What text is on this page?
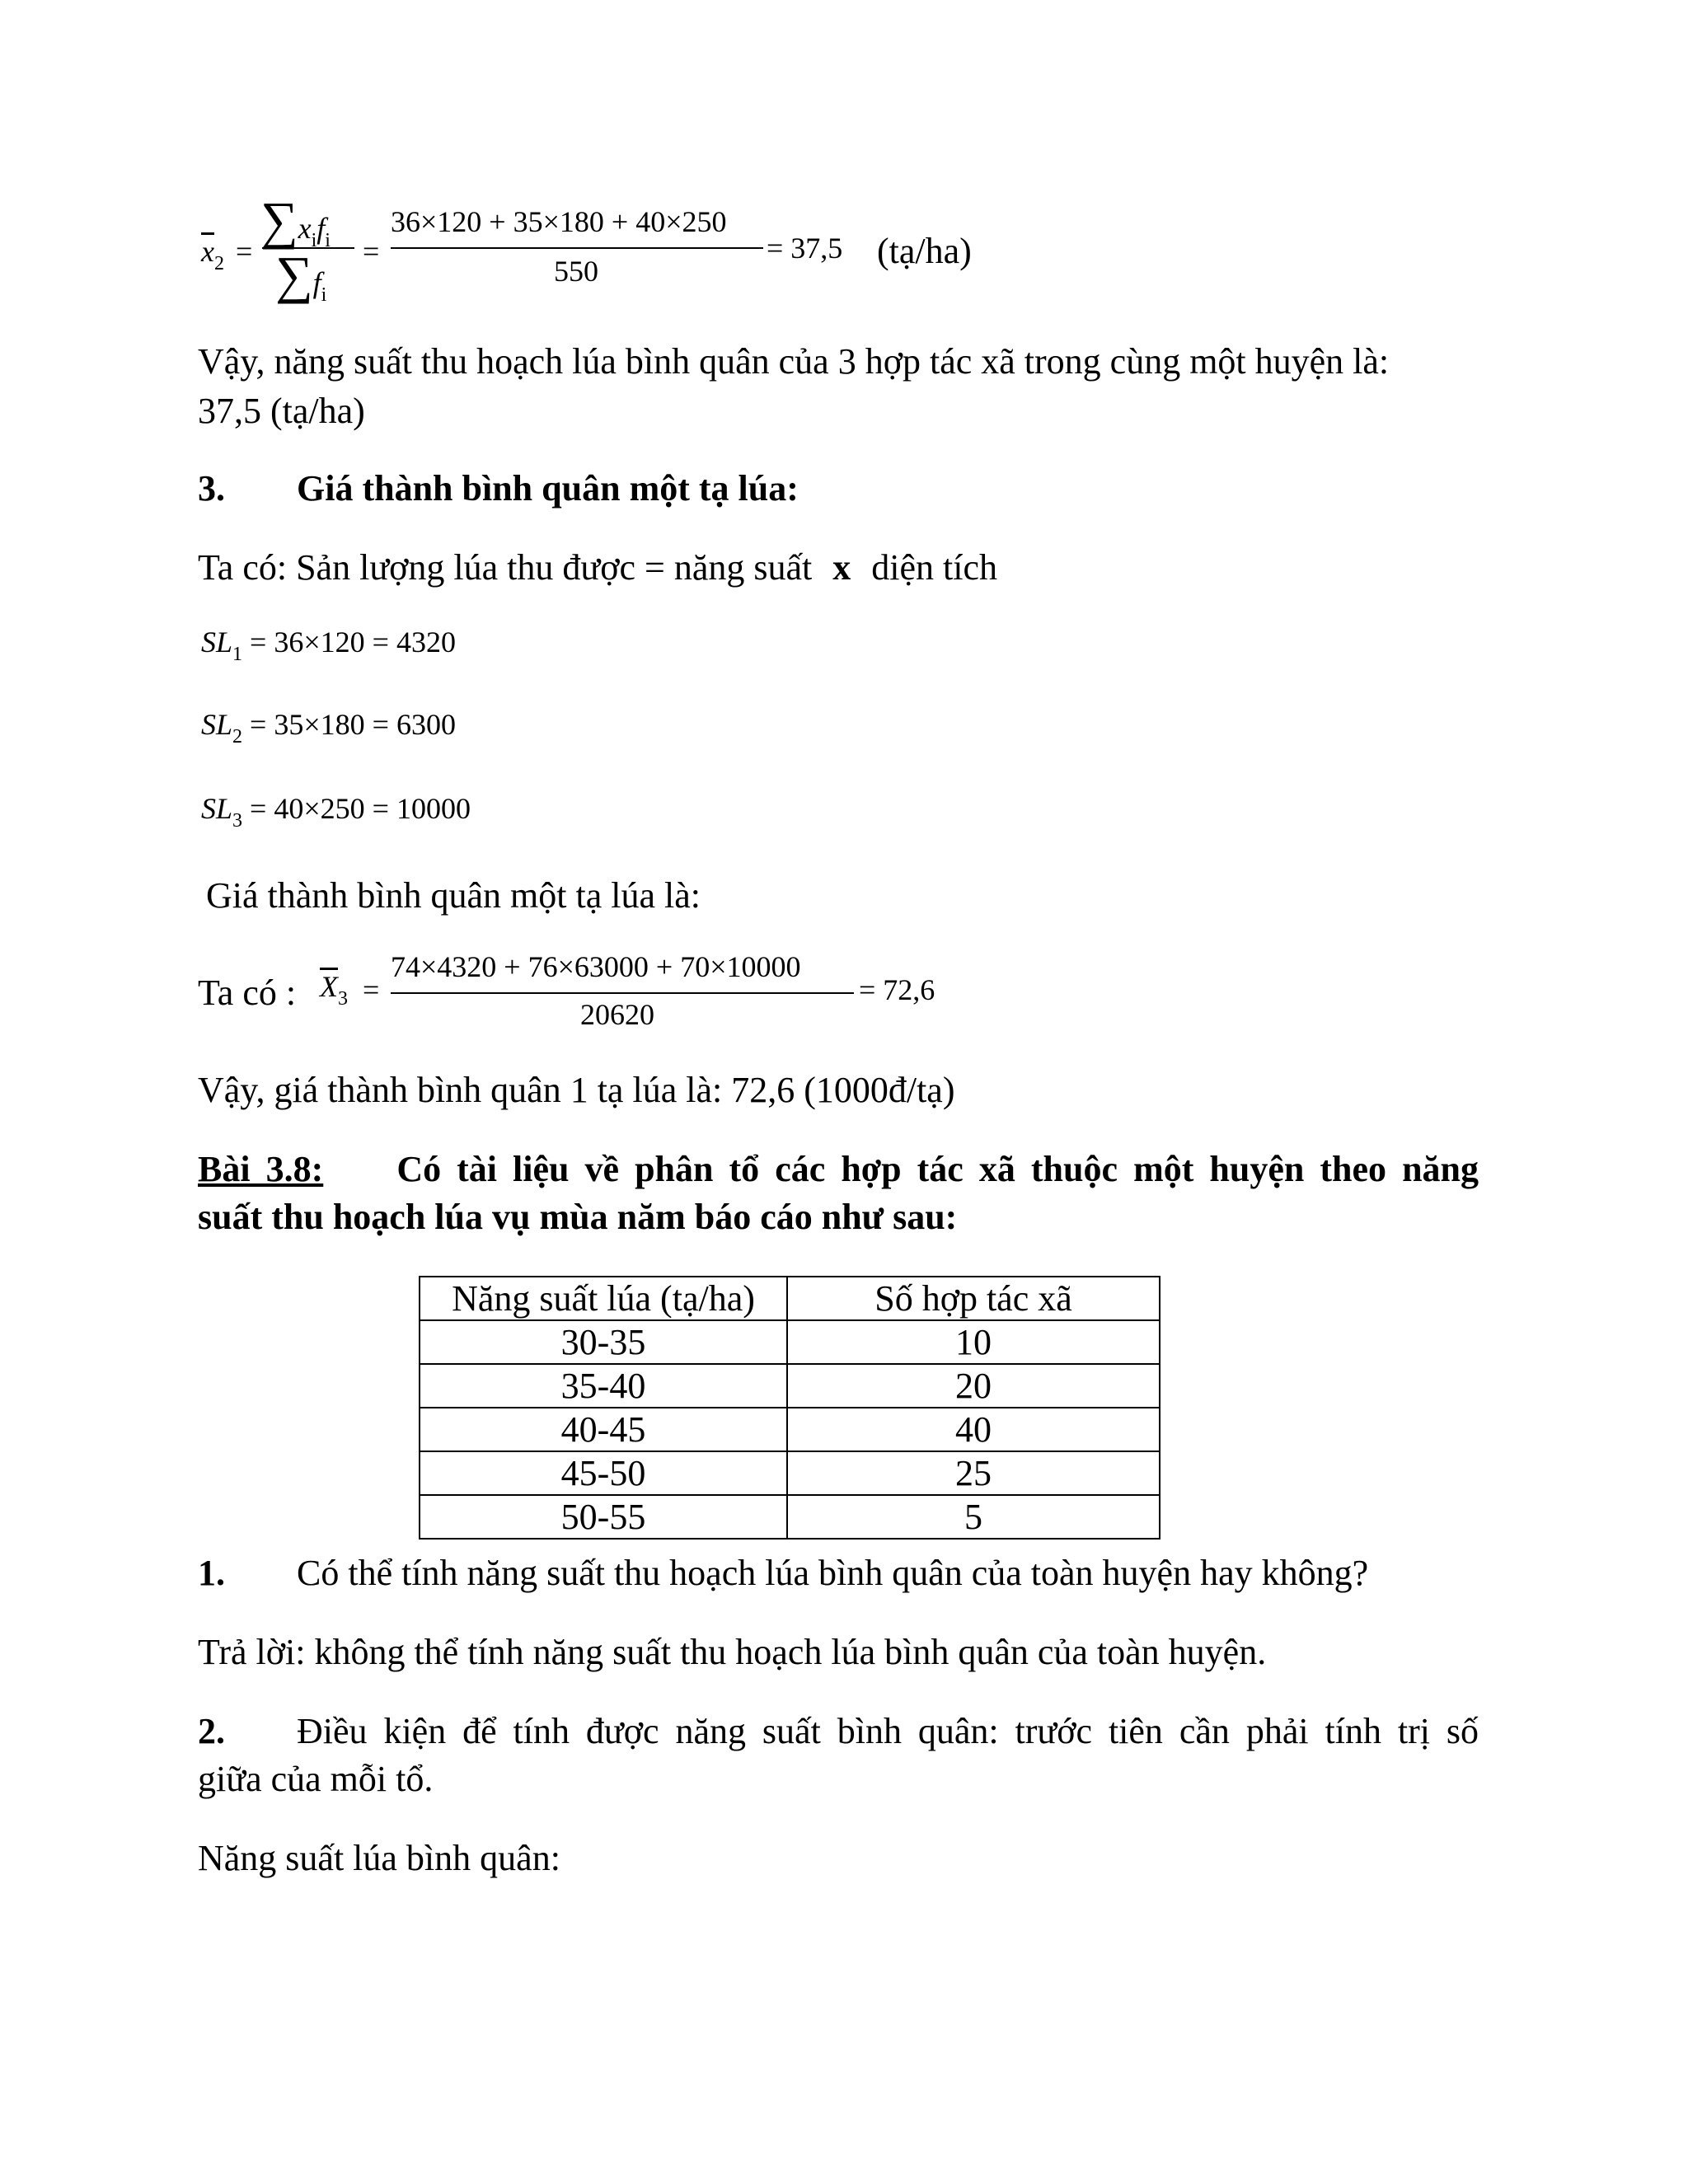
$\overline{x}_2$ =
∑xifi
∑fi
=
36×120 + 35×180 + 40×250
550
= 37,5 (tạ/ha)
Vậy, năng suất thu hoạch lúa bình quân của 3 hợp tác xã trong cùng một huyện là:
37,5 (tạ/ha)
3. Giá thành bình quân một tạ lúa:
Ta có: Sản lượng lúa thu được = năng suất x diện tích
$SL_1 = 36\times 120 = 4320$
$SL_2 = 35\times 180 = 6300$
$SL_3 = 40\times 250 = 10000$
Giá thành bình quân một tạ lúa là:
Ta có : $\overline{X}_3$ =
74×4320 + 76×63000 + 70×10000
20620
= 72,6
Vậy, giá thành bình quân 1 tạ lúa là: 72,6 (1000đ/tạ)
Bài 3.8: Có tài liệu về phân tổ các hợp tác xã thuộc một huyện theo năng
suất thu hoạch lúa vụ mùa năm báo cáo như sau:
Năng suất lúa (tạ/ha)	Số hợp tác xã
30-35	10
35-40	20
40-45	40
45-50	25
50-55	5
1. Có thể tính năng suất thu hoạch lúa bình quân của toàn huyện hay không?
Trả lời: không thể tính năng suất thu hoạch lúa bình quân của toàn huyện.
2. Điều kiện để tính được năng suất bình quân: trước tiên cần phải tính trị số
giữa của mỗi tổ.
Năng suất lúa bình quân:
